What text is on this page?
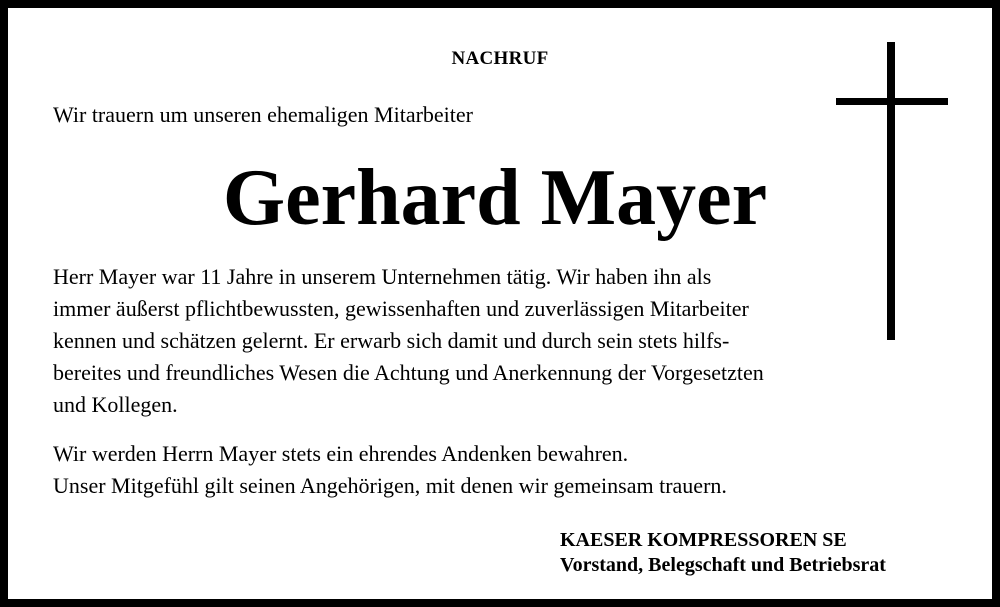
NACHRUF
Wir trauern um unseren ehemaligen Mitarbeiter
Gerhard Mayer
Herr Mayer war 11 Jahre in unserem Unternehmen tätig. Wir haben ihn als
immer äußerst pflichtbewussten, gewissenhaften und zuverlässigen Mitarbeiter
kennen und schätzen gelernt. Er erwarb sich damit und durch sein stets hilfs-
bereites und freundliches Wesen die Achtung und Anerkennung der Vorgesetzten
und Kollegen.
Wir werden Herrn Mayer stets ein ehrendes Andenken bewahren.
Unser Mitgefühl gilt seinen Angehörigen, mit denen wir gemeinsam trauern.
KAESER KOMPRESSOREN SE
Vorstand, Belegschaft und Betriebsrat
